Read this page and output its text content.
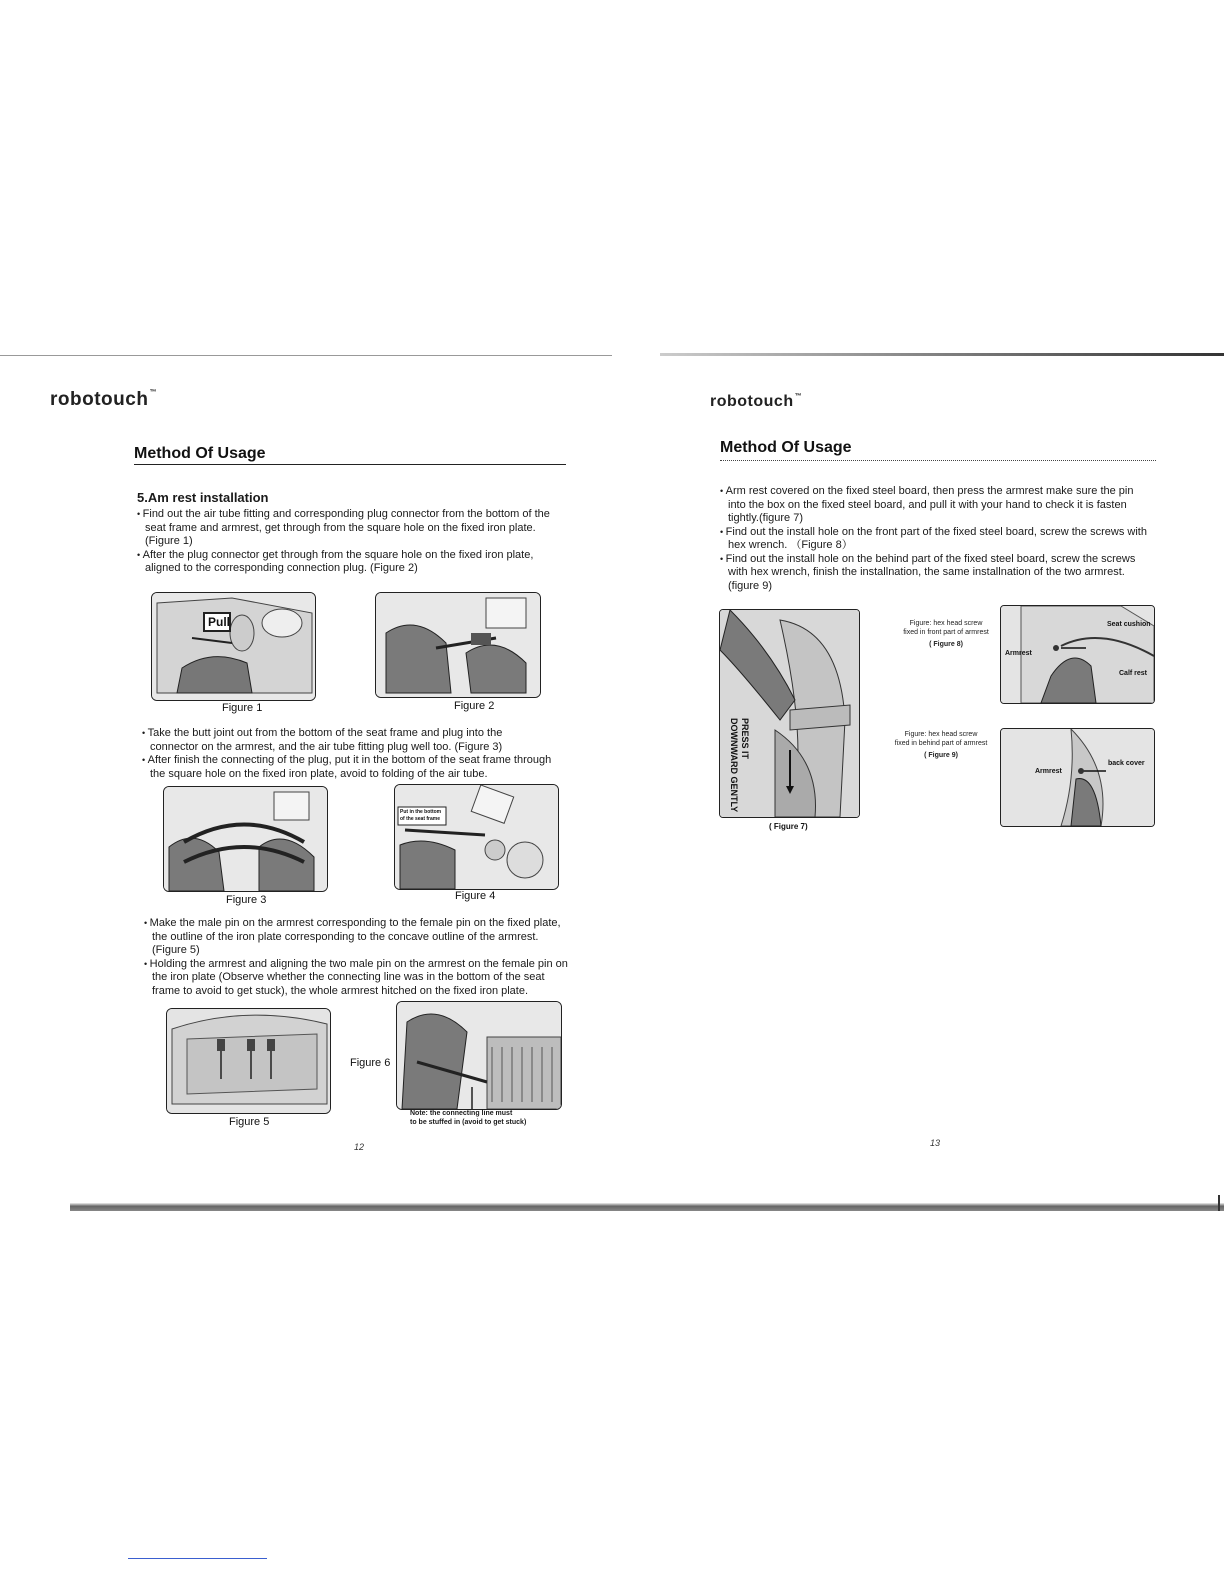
robotouch™
Method Of Usage
5.Am rest installation
• Find out the air tube fitting and corresponding plug connector from the bottom of the seat frame and armrest, get through from the square hole on the fixed iron plate. (Figure 1)
• After the plug connector get through from the square hole on the fixed iron plate, aligned to the corresponding connection plug. (Figure 2)
Pull
Figure 1	Figure 2
• Take the butt joint out from the bottom of the seat frame and plug into the connector on the armrest, and the air tube fitting plug well too. (Figure 3)
• After finish the connecting of the plug, put it in the bottom of the seat frame through the square hole on the fixed iron plate, avoid to folding of the air tube.
Figure 3
Put in the bottom of the seat frame
Figure 4
• Make the male pin on the armrest corresponding to the female pin on the fixed plate, the outline of the iron plate corresponding to the concave outline of the armrest. (Figure 5)
• Holding the armrest and aligning the two male pin on the armrest on the female pin on the iron plate (Observe whether the connecting line was in the bottom of the seat frame to avoid to get stuck), the whole armrest hitched on the fixed iron plate.
Figure 5
Figure 6
Note: the connecting line must
to be stuffed in (avoid to get stuck)
12
robotouch™
Method Of Usage
• Arm rest covered on the fixed steel board, then press the armrest make sure the pin into the box on the fixed steel board, and pull it with your hand to check it is fasten tightly.(figure 7)
• Find out the install hole on the front part of the fixed steel board, screw the screws with hex wrench. （Figure 8）
• Find out the install hole on the behind part of the fixed steel board, screw the screws with hex wrench, finish the installnation, the same installnation of the two armrest. (figure 9)
PRESS IT
DOWNWARD GENTLY
( Figure 7)
Figure: hex head screw
fixed in front part of armrest
( Figure 8)
Seat cushion
Armrest
Calf rest
Figure: hex head screw
fixed in behind part of armrest
( Figure 9)
Armrest
back cover
13
